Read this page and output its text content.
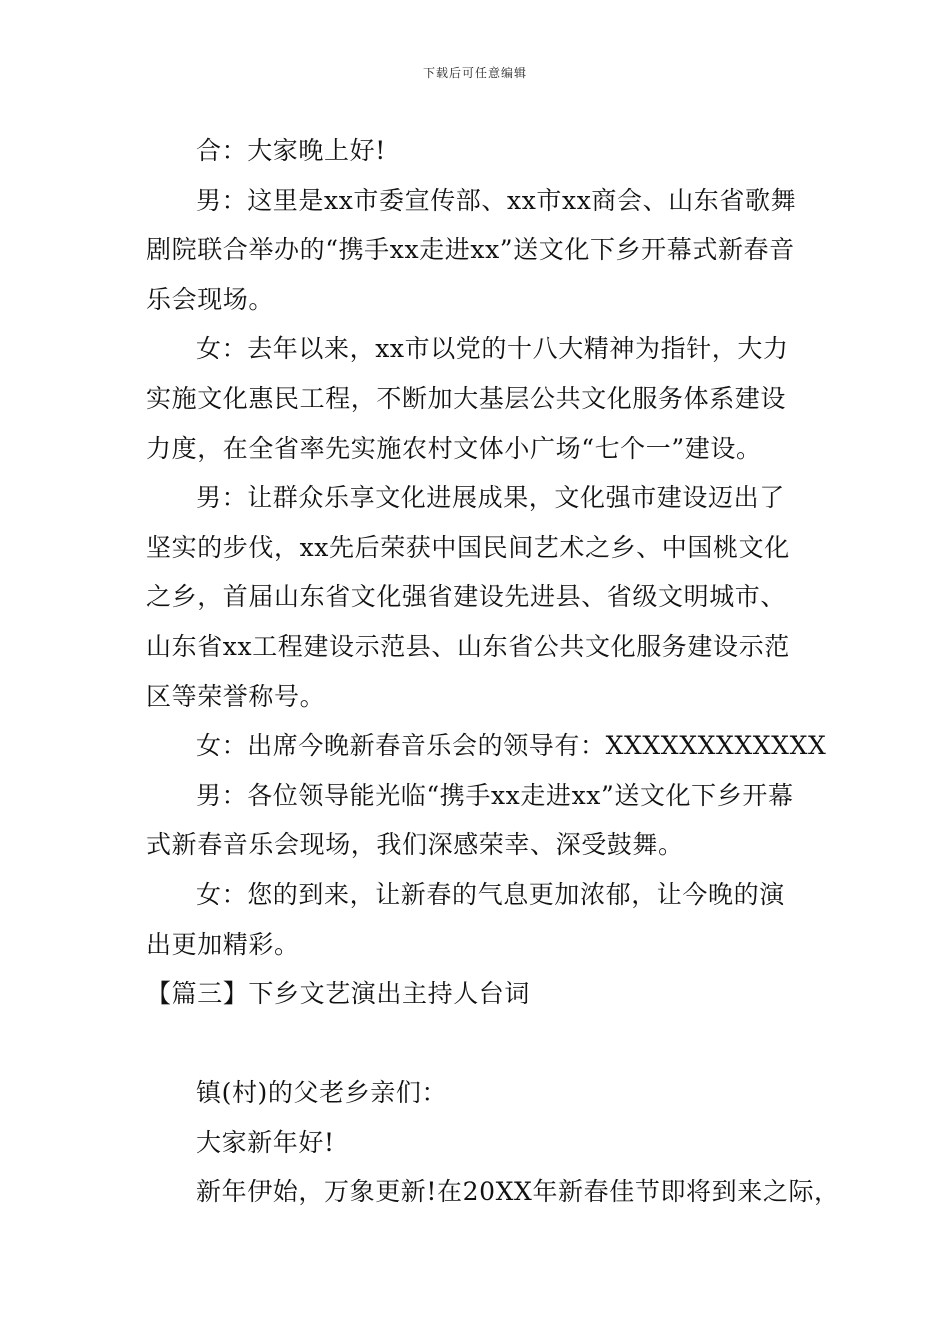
下载后可任意编辑

合：大家晚上好!

男：这里是xx市委宣传部、xx市xx商会、山东省歌舞剧院联合举办的“携手xx走进xx”送文化下乡开幕式新春音乐会现场。

女：去年以来，xx市以党的十八大精神为指针，大力实施文化惠民工程，不断加大基层公共文化服务体系建设力度，在全省率先实施农村文体小广场“七个一”建设。

男：让群众乐享文化进展成果，文化强市建设迈出了坚实的步伐，xx先后荣获中国民间艺术之乡、中国桃文化之乡，首届山东省文化强省建设先进县、省级文明城市、山东省xx工程建设示范县、山东省公共文化服务建设示范区等荣誉称号。

女：出席今晚新春音乐会的领导有：XXXXXXXXXXXX

男：各位领导能光临“携手xx走进xx”送文化下乡开幕式新春音乐会现场，我们深感荣幸、深受鼓舞。

女：您的到来，让新春的气息更加浓郁，让今晚的演出更加精彩。

【篇三】下乡文艺演出主持人台词

镇(村)的父老乡亲们：

大家新年好!

新年伊始，万象更新!在20XX年新春佳节即将到来之际，
